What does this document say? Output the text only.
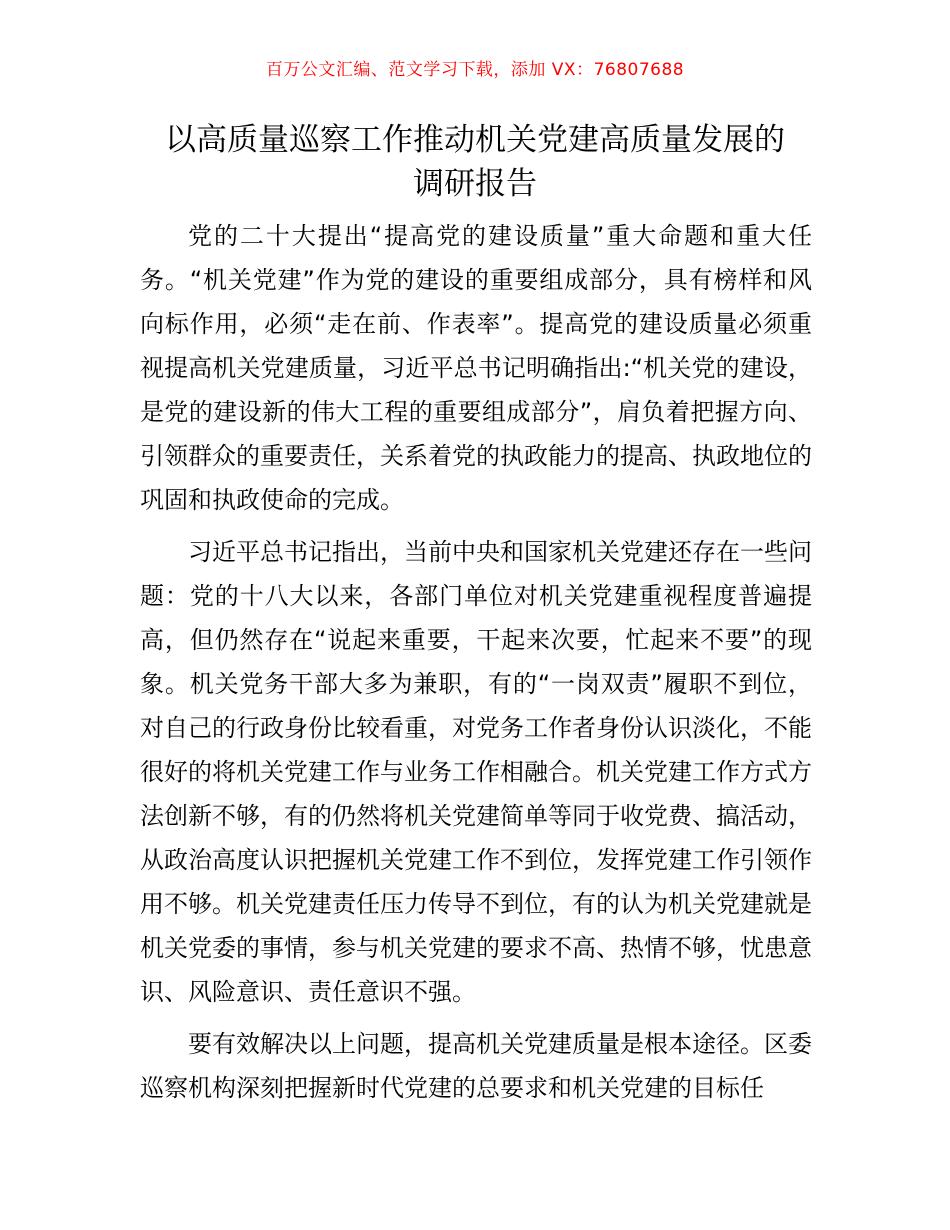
百万公文汇编、范文学习下载，添加 VX：76807688
以高质量巡察工作推动机关党建高质量发展的
调研报告

党的二十大提出“提高党的建设质量”重大命题和重大任务。“机关党建”作为党的建设的重要组成部分，具有榜样和风向标作用，必须“走在前、作表率”。提高党的建设质量必须重视提高机关党建质量，习近平总书记明确指出:“机关党的建设，是党的建设新的伟大工程的重要组成部分”，肩负着把握方向、引领群众的重要责任，关系着党的执政能力的提高、执政地位的巩固和执政使命的完成。

习近平总书记指出，当前中央和国家机关党建还存在一些问题：党的十八大以来，各部门单位对机关党建重视程度普遍提高，但仍然存在“说起来重要，干起来次要，忙起来不要”的现象。机关党务干部大多为兼职，有的“一岗双责”履职不到位，对自己的行政身份比较看重，对党务工作者身份认识淡化，不能很好的将机关党建工作与业务工作相融合。机关党建工作方式方法创新不够，有的仍然将机关党建简单等同于收党费、搞活动，从政治高度认识把握机关党建工作不到位，发挥党建工作引领作用不够。机关党建责任压力传导不到位，有的认为机关党建就是机关党委的事情，参与机关党建的要求不高、热情不够，忧患意识、风险意识、责任意识不强。

要有效解决以上问题，提高机关党建质量是根本途径。区委巡察机构深刻把握新时代党建的总要求和机关党建的目标任
